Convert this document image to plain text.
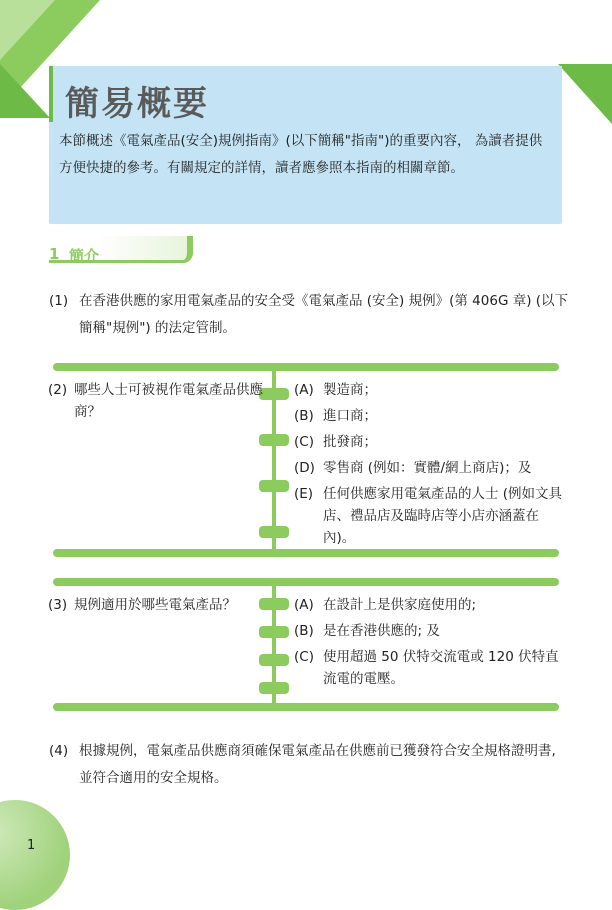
簡易概要

本節概述《電氣產品(安全)規例指南》(以下簡稱"指南")的重要內容， 為讀者提供方便快捷的參考。有關規定的詳情，讀者應參照本指南的相關章節。

1 簡介
(1) 在香港供應的家用電氣產品的安全受《電氣產品 (安全) 規例》(第 406G 章) (以下簡稱"規例") 的法定管制。
(2) 哪些人士可被視作電氣產品供應商？
(A) 製造商；
(B) 進口商；
(C) 批發商；
(D) 零售商 (例如：實體/網上商店)；及
(E) 任何供應家用電氣產品的人士 (例如文具店、禮品店及臨時店等小店亦涵蓋在內)。
(3) 規例適用於哪些電氣產品？	(A) 在設計上是供家庭使用的;
(B) 是在香港供應的; 及
(C) 使用超過 50 伏特交流電或 120 伏特直流電的電壓。
(4) 根據規例，電氣產品供應商須確保電氣產品在供應前已獲發符合安全規格證明書,並符合適用的安全規格。
1
